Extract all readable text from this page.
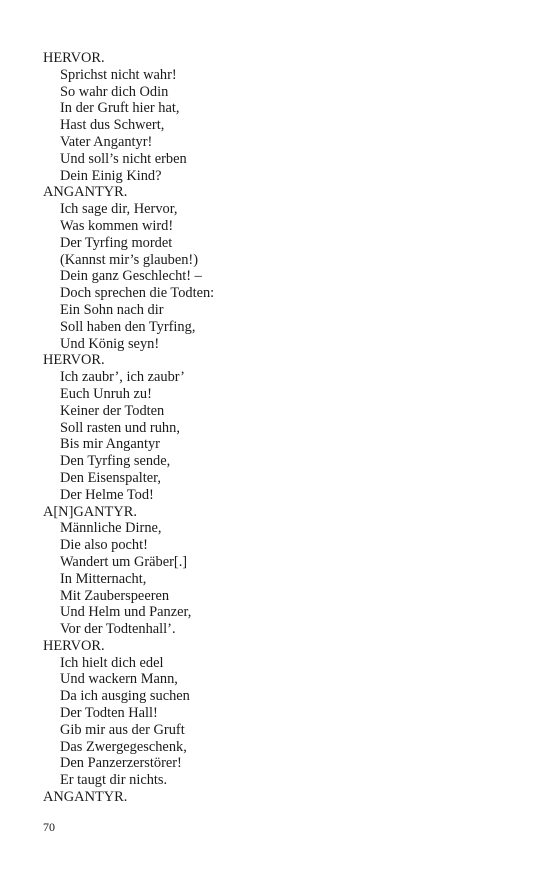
HERVOR.
Sprichst nicht wahr!
So wahr dich Odin
In der Gruft hier hat,
Hast dus Schwert,
Vater Angantyr!
Und soll’s nicht erben
Dein Einig Kind?
ANGANTYR.
Ich sage dir, Hervor,
Was kommen wird!
Der Tyrfing mordet
(Kannst mir’s glauben!)
Dein ganz Geschlecht! –
Doch sprechen die Todten:
Ein Sohn nach dir
Soll haben den Tyrfing,
Und König seyn!
HERVOR.
Ich zaubr’, ich zaubr’
Euch Unruh zu!
Keiner der Todten
Soll rasten und ruhn,
Bis mir Angantyr
Den Tyrfing sende,
Den Eisenspalter,
Der Helme Tod!
A[N]GANTYR.
Männliche Dirne,
Die also pocht!
Wandert um Gräber[.]
In Mitternacht,
Mit Zauberspeeren
Und Helm und Panzer,
Vor der Todtenhall’.
HERVOR.
Ich hielt dich edel
Und wackern Mann,
Da ich ausging suchen
Der Todten Hall!
Gib mir aus der Gruft
Das Zwergegeschenk,
Den Panzerzerstörer!
Er taugt dir nichts.
ANGANTYR.
70
